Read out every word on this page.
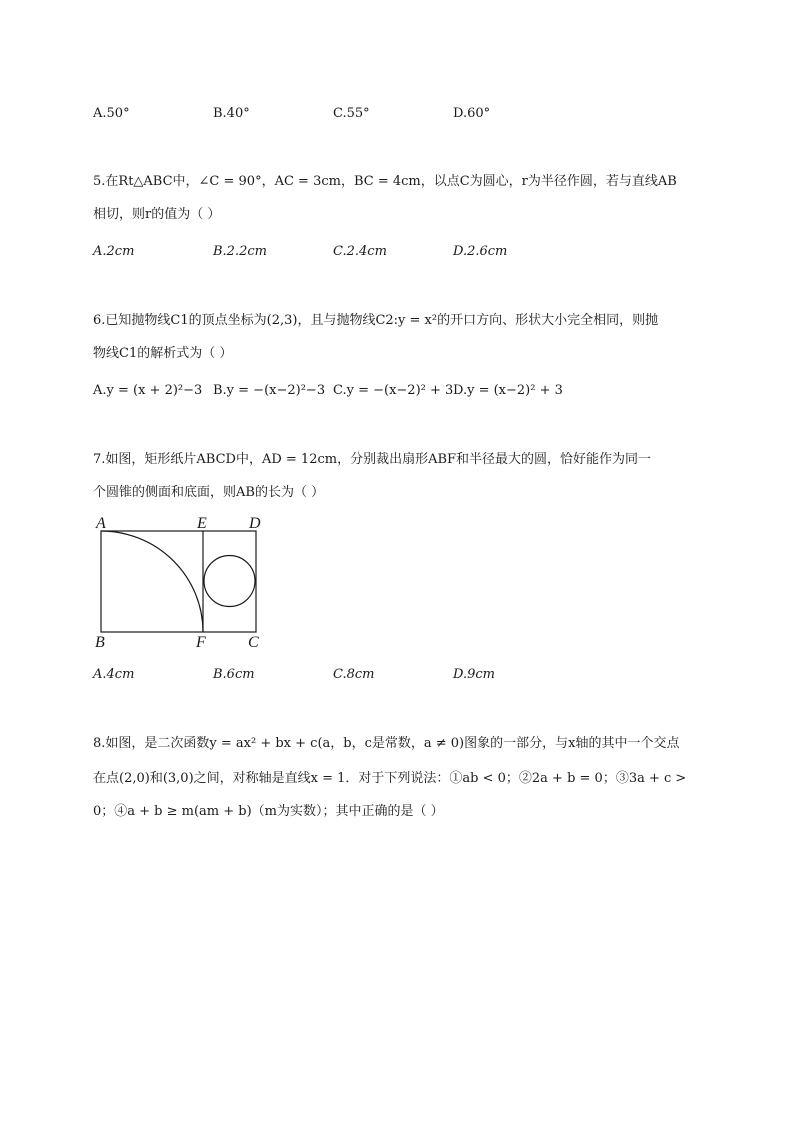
A.50°	B.40°	C.55°	D.60°
5.在Rt△ABC中，∠C = 90°，AC = 3cm，BC = 4cm，以点C为圆心，r为半径作圆，若与直线AB
相切，则r的值为（ ）
A.2cm	B.2.2cm	C.2.4cm	D.2.6cm
6.已知抛物线C1的顶点坐标为(2,3)，且与抛物线C2:y = x²的开口方向、形状大小完全相同，则抛
物线C1的解析式为（ ）
A.y = (x + 2)²−3 B.y = −(x−2)²−3 C.y = −(x−2)² + 3 D.y = (x−2)² + 3
7.如图，矩形纸片ABCD中，AD = 12cm，分别裁出扇形ABF和半径最大的圆，恰好能作为同一
个圆锥的侧面和底面，则AB的长为（ ）
A	E	D
B	F	C
A.4cm	B.6cm	C.8cm	D.9cm
8.如图，是二次函数y = ax² + bx + c(a，b，c是常数，a ≠ 0)图象的一部分，与x轴的其中一个交点
在点(2,0)和(3,0)之间，对称轴是直线x = 1．对于下列说法：①ab < 0；②2a + b = 0；③3a + c >
0；④a + b ≥ m(am + b)（m为实数）；其中正确的是（ ）
